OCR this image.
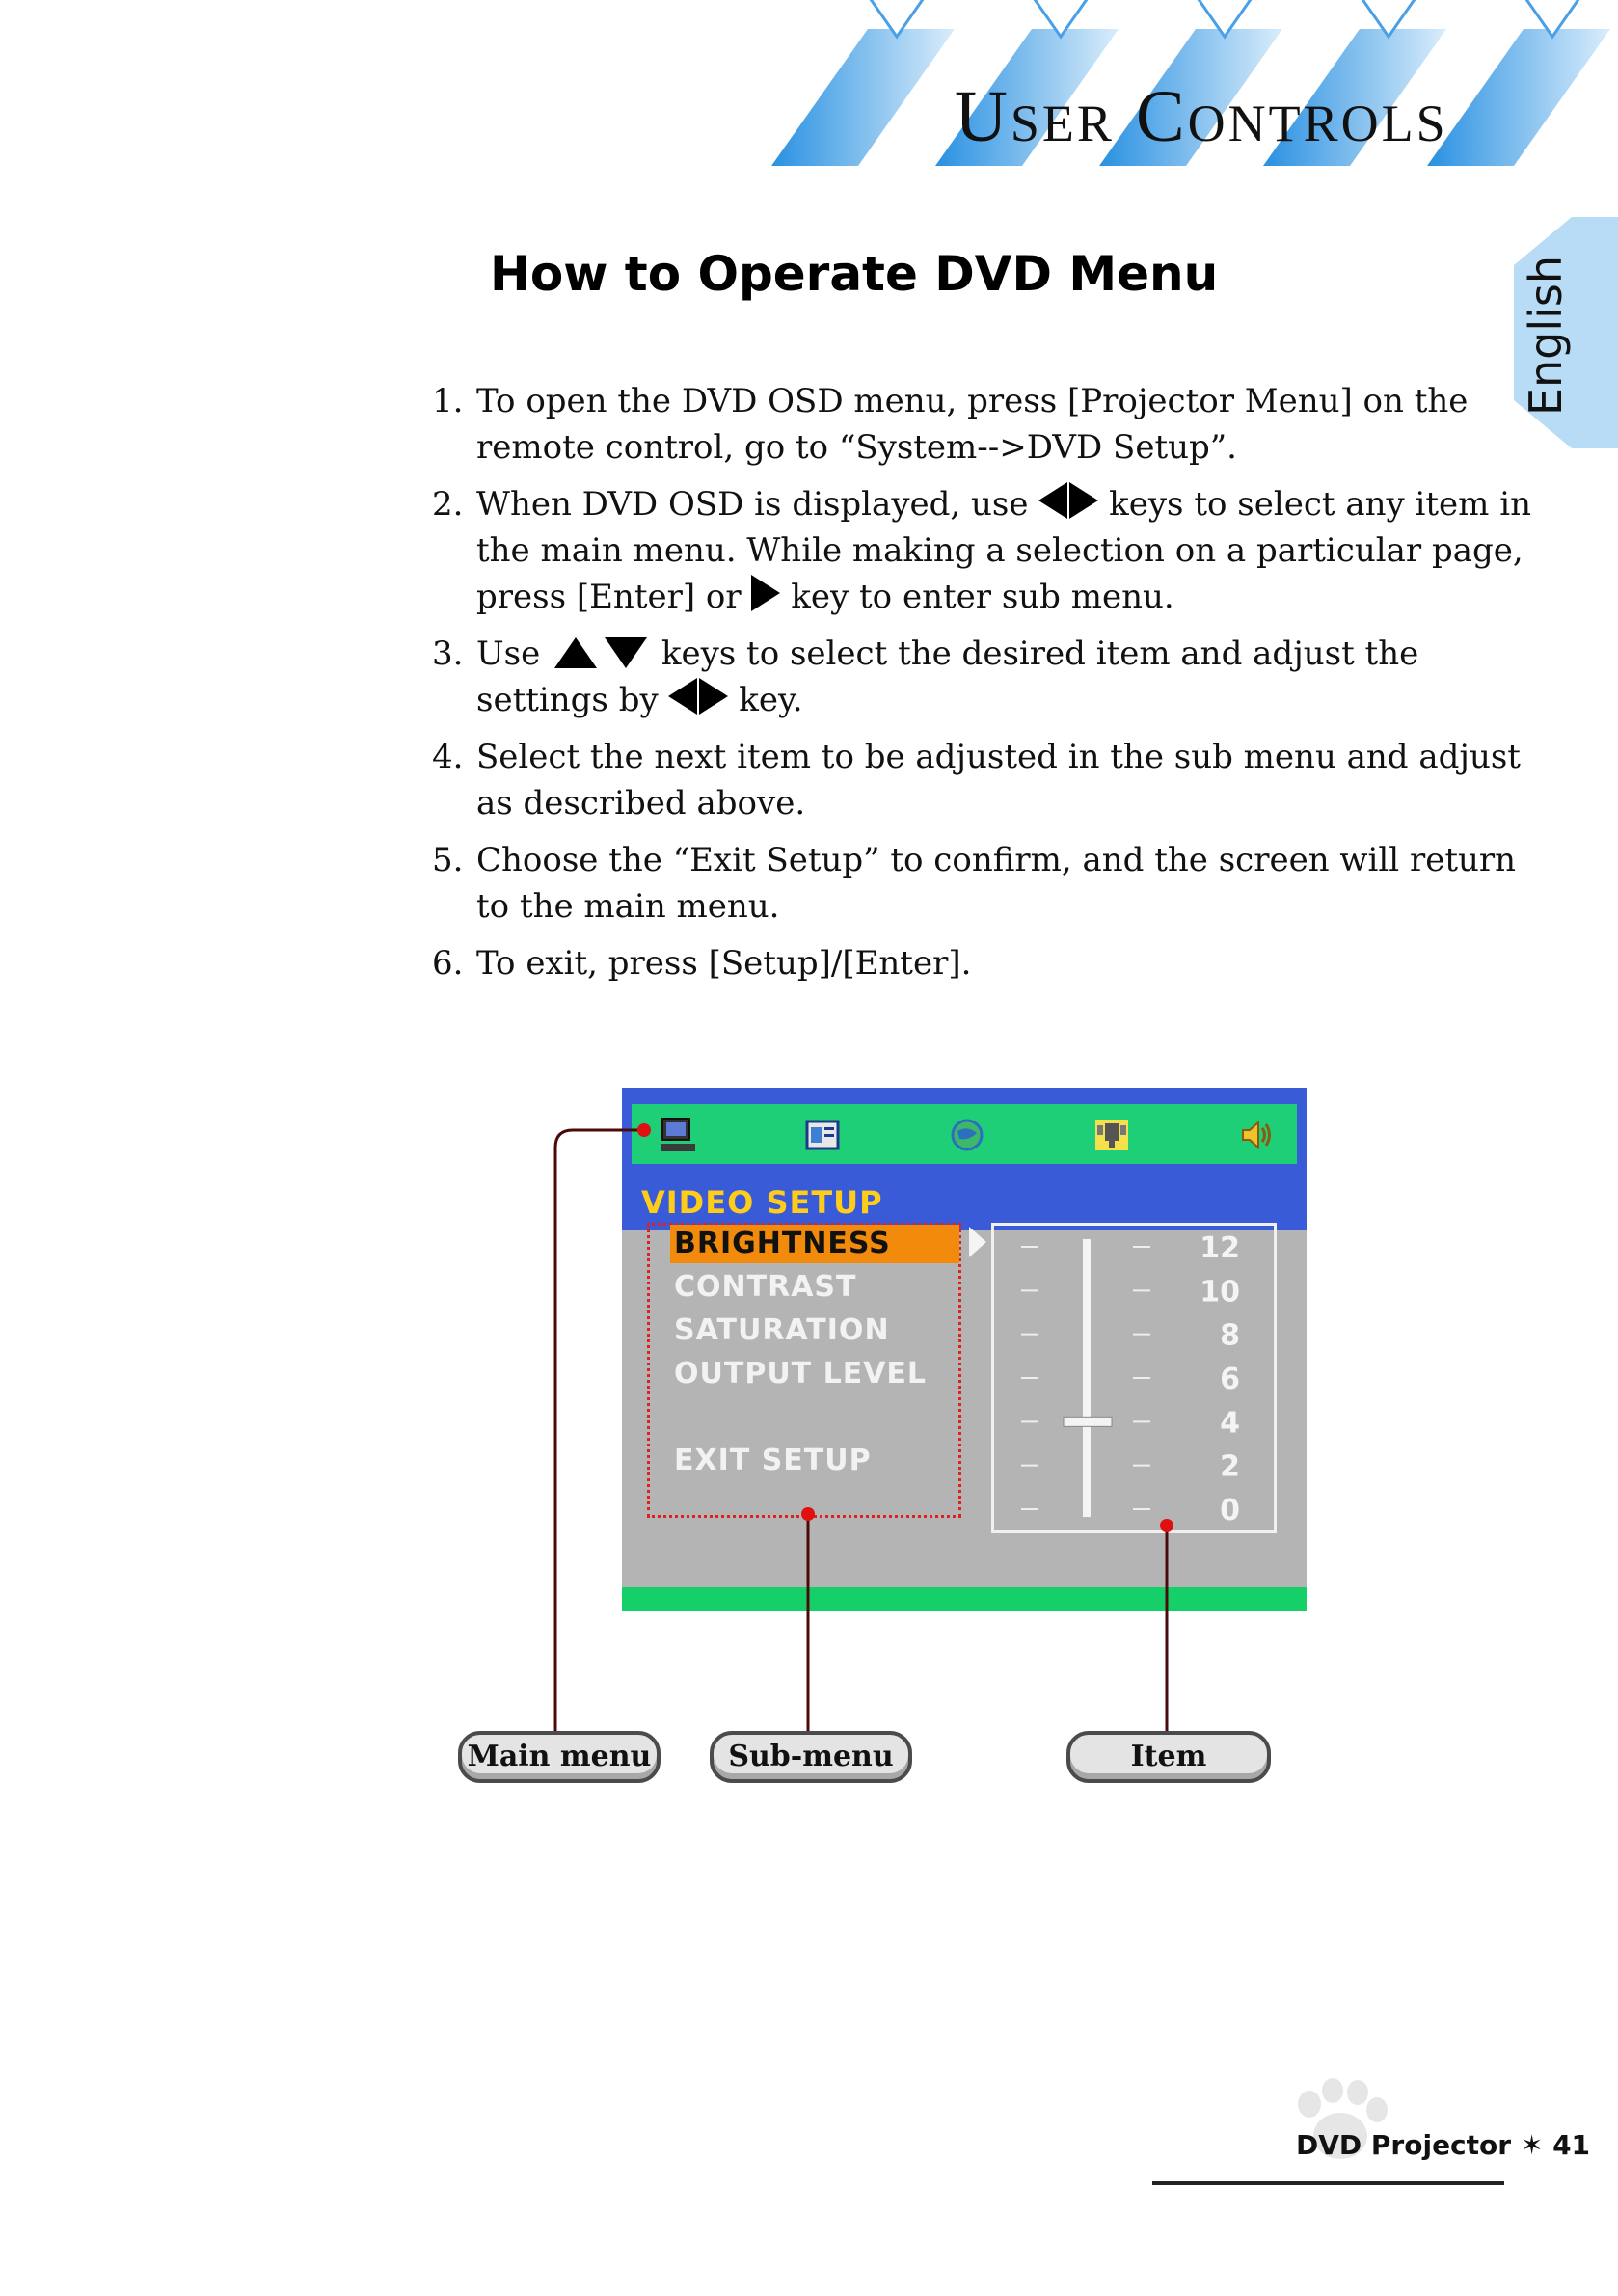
USER CONTROLS
English
How to Operate DVD Menu
1. To open the DVD OSD menu, press [Projector Menu] on the remote control, go to “System-->DVD Setup”.
2. When DVD OSD is displayed, use keys to select any item in the main menu. While making a selection on a particular page, press [Enter] or key to enter sub menu.
3. Use	keys to select the desired item and adjust the settings by key.
4. Select the next item to be adjusted in the sub menu and adjust as described above.
5. Choose the “Exit Setup” to confirm, and the screen will return to the main menu.
6. To exit, press [Setup]/[Enter].
VIDEO SETUP
BRIGHTNESS
CONTRAST
SATURATION
OUTPUT LEVEL
EXIT SETUP
12
10
8
6
4
2
0
Main menu	Sub-menu	Item
DVD Projector ✶ 41
